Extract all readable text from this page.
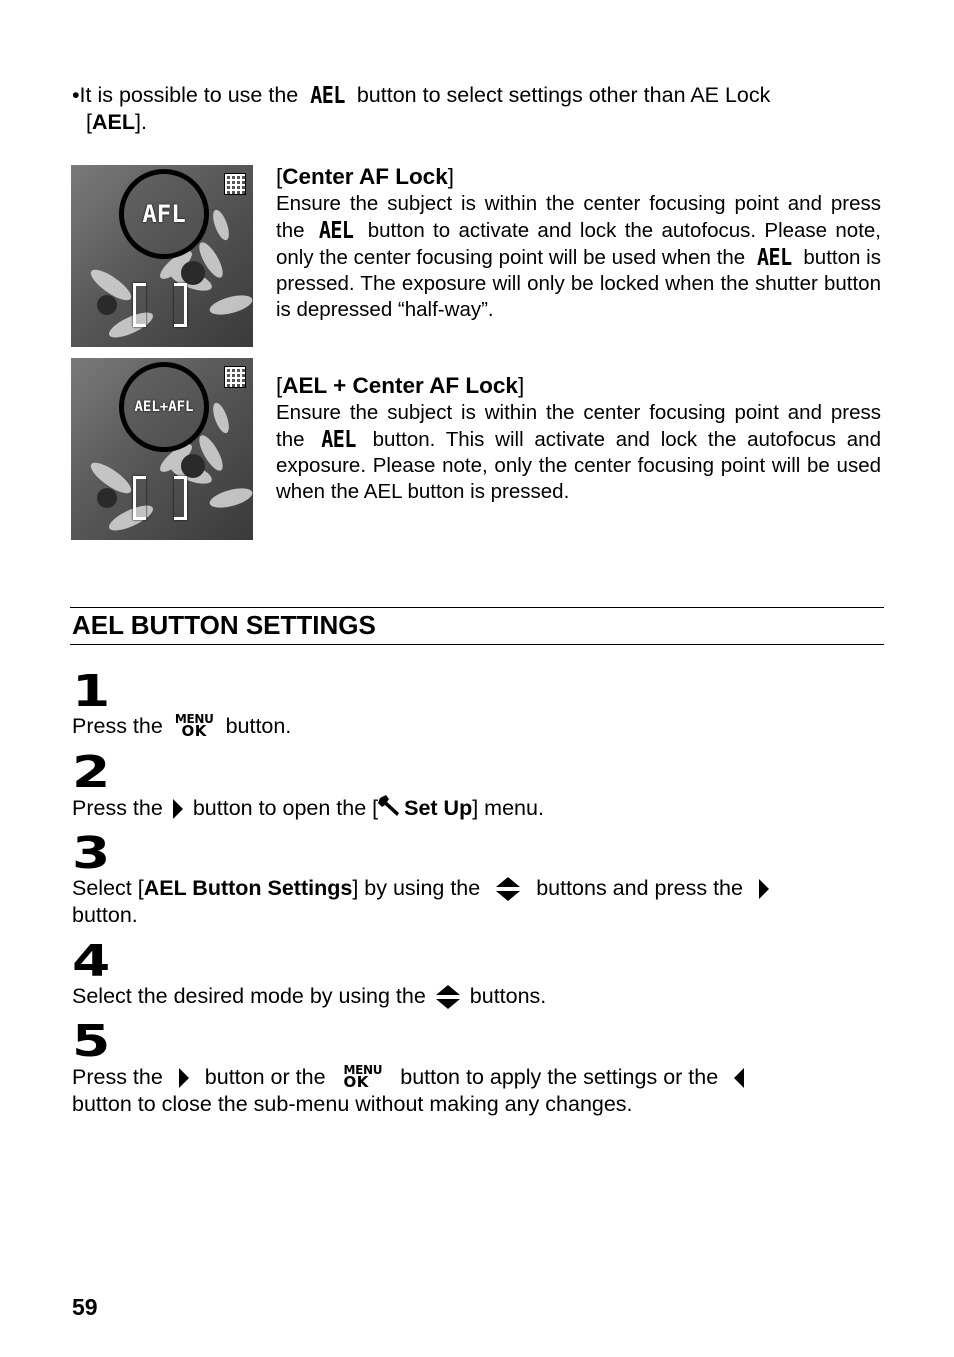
•It is possible to use the AEL button to select settings other than AE Lock
[AEL].
AFL
[Center AF Lock]
Ensure the subject is within the center focusing point and press the AEL button to activate and lock the autofocus. Please note, only the center focusing point will be used when the AEL button is pressed. The exposure will only be locked when the shutter button is depressed “half-way”.
AEL+AFL
[AEL + Center AF Lock]
Ensure the subject is within the center focusing point and press the AEL button. This will activate and lock the autofocus and exposure. Please note, only the center focusing point will be used when the AEL button is pressed.
AEL BUTTON SETTINGS
1
Press the MENU
OK button.
2
Press the button to open the [ Set Up] menu.
3
Select [AEL Button Settings] by using the	buttons and press the
button.
4
Select the desired mode by using the buttons.
5
Press the button or the MENU
OK	button to apply the settings or the
button to close the sub-menu without making any changes.
59
